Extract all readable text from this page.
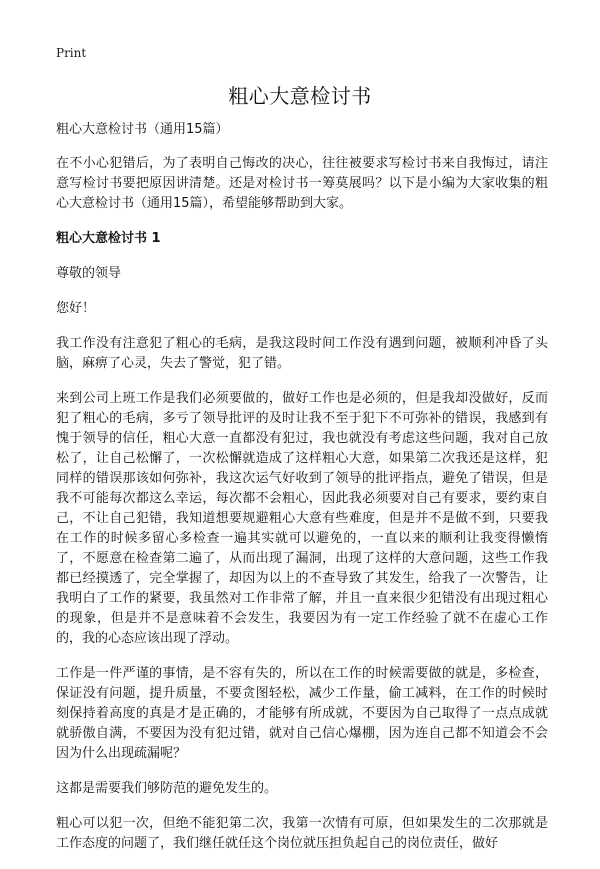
Print
粗心大意检讨书

粗心大意检讨书（通用15篇）

在不小心犯错后，为了表明自己悔改的决心，往往被要求写检讨书来自我悔过，请注意写检讨书要把原因讲清楚。还是对检讨书一筹莫展吗？以下是小编为大家收集的粗心大意检讨书（通用15篇），希望能够帮助到大家。

粗心大意检讨书 1

尊敬的领导

您好！

我工作没有注意犯了粗心的毛病，是我这段时间工作没有遇到问题，被顺利冲昏了头脑，麻痹了心灵，失去了警觉，犯了错。

来到公司上班工作是我们必须要做的，做好工作也是必须的，但是我却没做好，反而犯了粗心的毛病，多亏了领导批评的及时让我不至于犯下不可弥补的错误，我感到有愧于领导的信任，粗心大意一直都没有犯过，我也就没有考虑这些问题，我对自己放松了，让自己松懈了，一次松懈就造成了这样粗心大意，如果第二次我还是这样，犯同样的错误那该如何弥补，我这次运气好收到了领导的批评指点，避免了错误，但是我不可能每次都这么幸运，每次都不会粗心，因此我必须要对自己有要求，要约束自己，不让自己犯错，我知道想要规避粗心大意有些难度，但是并不是做不到，只要我在工作的时候多留心多检查一遍其实就可以避免的，一直以来的顺利让我变得懒惰了，不愿意在检查第二遍了，从而出现了漏洞，出现了这样的大意问题，这些工作我都已经摸透了，完全掌握了，却因为以上的不查导致了其发生，给我了一次警告，让我明白了工作的紧要，我虽然对工作非常了解，并且一直来很少犯错没有出现过粗心的现象，但是并不是意味着不会发生，我要因为有一定工作经验了就不在虚心工作的，我的心态应该出现了浮动。

工作是一件严谨的事情，是不容有失的，所以在工作的时候需要做的就是，多检查，保证没有问题，提升质量，不要贪图轻松，减少工作量，偷工减料，在工作的时候时刻保持着高度的真是才是正确的，才能够有所成就，不要因为自己取得了一点点成就就骄傲自满，不要因为没有犯过错，就对自己信心爆棚，因为连自己都不知道会不会因为什么出现疏漏呢？

这都是需要我们够防范的避免发生的。

粗心可以犯一次，但绝不能犯第二次，我第一次情有可原，但如果发生的二次那就是工作态度的问题了，我们继任就任这个岗位就压担负起自己的岗位责任，做好
